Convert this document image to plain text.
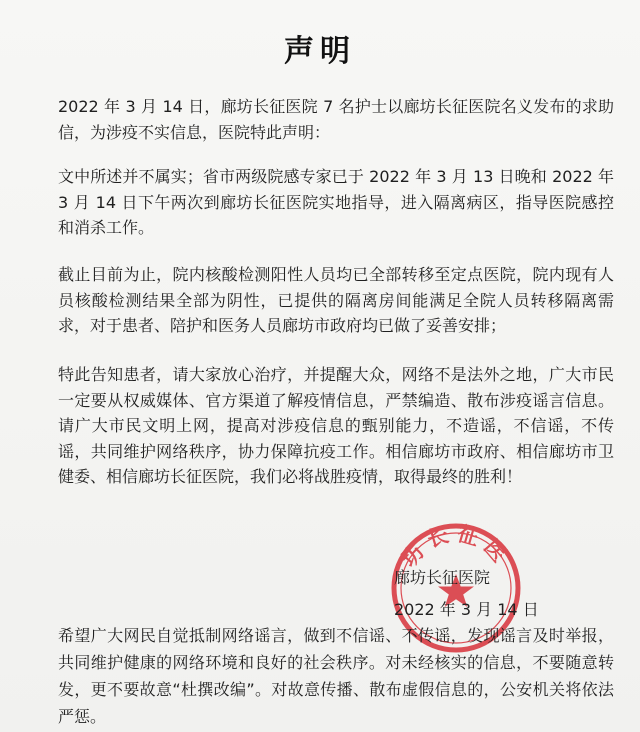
声明
2022 年 3 月 14 日，廊坊长征医院 7 名护士以廊坊长征医院名义发布的求助信，为涉疫不实信息，医院特此声明：
文中所述并不属实；省市两级院感专家已于 2022 年 3 月 13 日晚和 2022 年 3 月 14 日下午两次到廊坊长征医院实地指导，进入隔离病区，指导医院感控和消杀工作。
截止目前为止，院内核酸检测阳性人员均已全部转移至定点医院，院内现有人员核酸检测结果全部为阴性，已提供的隔离房间能满足全院人员转移隔离需求，对于患者、陪护和医务人员廊坊市政府均已做了妥善安排；
特此告知患者，请大家放心治疗，并提醒大众，网络不是法外之地，广大市民一定要从权威媒体、官方渠道了解疫情信息，严禁编造、散布涉疫谣言信息。请广大市民文明上网，提高对涉疫信息的甄别能力，不造谣，不信谣，不传谣，共同维护网络秩序，协力保障抗疫工作。相信廊坊市政府、相信廊坊市卫健委、相信廊坊长征医院，我们必将战胜疫情，取得最终的胜利！
坊长征医
廊坊长征医院
2022 年 3 月 14 日
希望广大网民自觉抵制网络谣言，做到不信谣、不传谣，发现谣言及时举报，共同维护健康的网络环境和良好的社会秩序。对未经核实的信息，不要随意转发，更不要故意“杜撰改编”。对故意传播、散布虚假信息的，公安机关将依法严惩。
